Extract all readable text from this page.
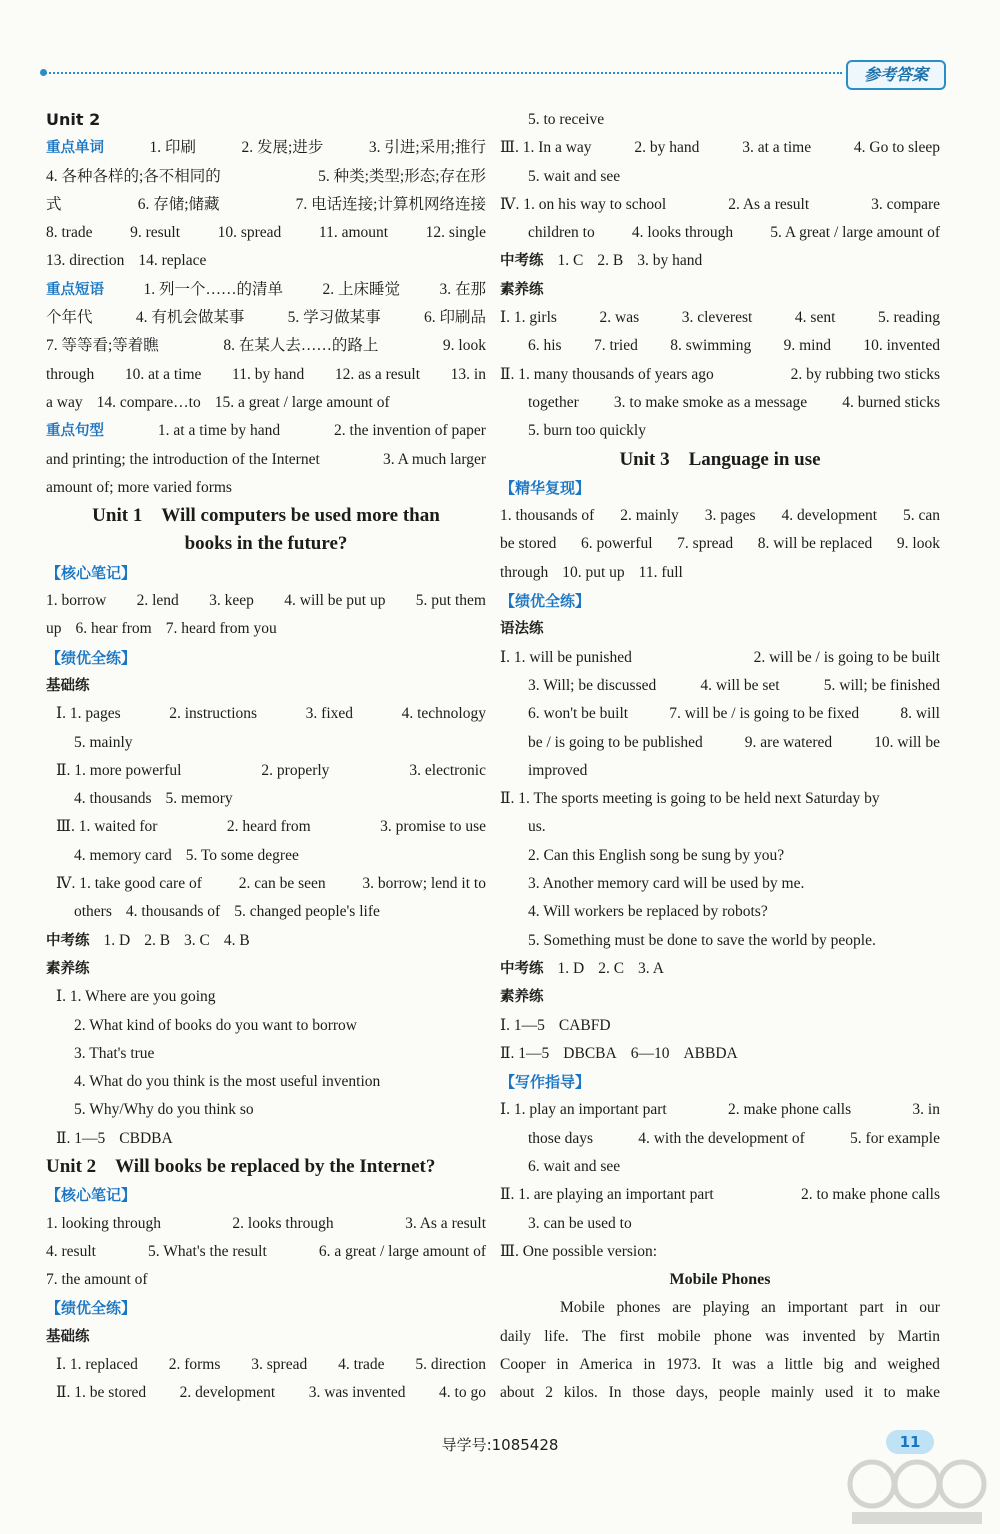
参考答案
Unit 2
重点单词	1. 印刷	2. 发展;进步	3. 引进;采用;推行
4. 各种各样的;各不相同的	5. 种类;类型;形态;存在形
式	6. 存储;储藏	7. 电话连接;计算机网络连接
8. trade 9. result 10. spread 11. amount 12. single
13. direction 14. replace
重点短语	1. 列一个……的清单	2. 上床睡觉	3. 在那
个年代	4. 有机会做某事	5. 学习做某事	6. 印刷品
7. 等等看;等着瞧	8. 在某人去……的路上	9. look
through 10. at a time 11. by hand 12. as a result 13. in
a way 14. compare…to 15. a great / large amount of
重点句型	1. at a time by hand	2. the invention of paper
and printing; the introduction of the Internet	3. A much larger
amount of; more varied forms
Unit 1　Will computers be used more than
books in the future?
【核心笔记】
1. borrow 2. lend 3. keep 4. will be put up 5. put them
up 6. hear from 7. heard from you
【绩优全练】
基础练
Ⅰ. 1. pages	2. instructions	3. fixed	4. technology
5. mainly
Ⅱ. 1. more powerful	2. properly	3. electronic
4. thousands 5. memory
Ⅲ. 1. waited for	2. heard from	3. promise to use
4. memory card 5. To some degree
Ⅳ. 1. take good care of 2. can be seen 3. borrow; lend it to
others 4. thousands of 5. changed people's life
中考练 1. D 2. B 3. C 4. B
素养练
Ⅰ. 1. Where are you going
2. What kind of books do you want to borrow
3. That's true
4. What do you think is the most useful invention
5. Why/Why do you think so
Ⅱ. 1—5 CBDBA
Unit 2　Will books be replaced by the Internet?
【核心笔记】
1. looking through	2. looks through	3. As a result
4. result	5. What's the result	6. a great / large amount of
7. the amount of
【绩优全练】
基础练
Ⅰ. 1. replaced 2. forms 3. spread 4. trade 5. direction
Ⅱ. 1. be stored 2. development 3. was invented 4. to go
5. to receive
Ⅲ. 1. In a way	2. by hand	3. at a time	4. Go to sleep
5. wait and see
Ⅳ. 1. on his way to school	2. As a result	3. compare
children to 4. looks through 5. A great / large amount of
中考练 1. C 2. B 3. by hand
素养练
Ⅰ. 1. girls	2. was	3. cleverest	4. sent	5. reading
6. his 7. tried 8. swimming 9. mind 10. invented
Ⅱ. 1. many thousands of years ago	2. by rubbing two sticks
together 3. to make smoke as a message 4. burned sticks
5. burn too quickly
Unit 3　Language in use
【精华复现】
1. thousands of 2. mainly 3. pages 4. development 5. can
be stored 6. powerful 7. spread 8. will be replaced 9. look
through 10. put up 11. full
【绩优全练】
语法练
Ⅰ. 1. will be punished	2. will be / is going to be built
3. Will; be discussed	4. will be set	5. will; be finished
6. won't be built	7. will be / is going to be fixed	8. will
be / is going to be published	9. are watered	10. will be
improved
Ⅱ. 1. The sports meeting is going to be held next Saturday by
us.
2. Can this English song be sung by you?
3. Another memory card will be used by me.
4. Will workers be replaced by robots?
5. Something must be done to save the world by people.
中考练 1. D 2. C 3. A
素养练
Ⅰ. 1—5 CABFD
Ⅱ. 1—5 DBCBA 6—10 ABBDA
【写作指导】
Ⅰ. 1. play an important part	2. make phone calls	3. in
those days	4. with the development of	5. for example
6. wait and see
Ⅱ. 1. are playing an important part	2. to make phone calls
3. can be used to
Ⅲ. One possible version:
Mobile Phones
Mobile phones are playing an important part in our
daily life. The first mobile phone was invented by Martin
Cooper in America in 1973. It was a little big and weighed
about 2 kilos. In those days, people mainly used it to make
导学号:1085428	11
